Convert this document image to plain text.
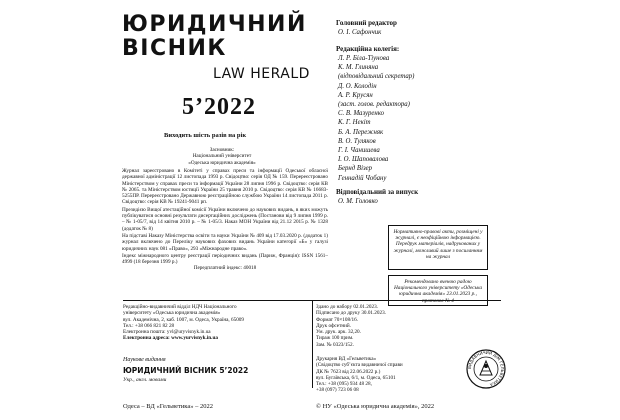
ЮРИДИЧНИЙ
ВІСНИК
LAW HERALD
5’2022
Виходить шість разів на рік
Засновник:
Національний університет
«Одеська юридична академія»
Журнал зареєстровано в Комітеті у справах преси та інформації Одеської обласної державної адміністрації 12 листопада 1993 р. Свідоцтво: серія ОД № 159. Перереєстровано Міністерством у справах преси та інформації України 28 липня 1996 р. Свідоцтво: серія КВ № 2065. та Міністерством юстиції України 25 травня 2010 р. Свідоцтво: серія КВ № 16683-5255ПР. Перереєстровано Державною реєстраційною службою України 14 листопада 2011 р. Свідоцтво: серія КВ № 19241-9041 рп.
Президією Вищої атестаційної комісії України включено до наукових видань, в яких можуть публікуватися основні результати дисертаційних досліджень (Постанови від 9 липня 1999 р. – № 1-05/7, від 14 квітня 2010 р. – № 1-05/3. Наказ МОН України від 21.12 2015 р. № 1328 (додаток № 8)
На підставі Наказу Міністерства освіти та науки України № 409 від 17.03.2020 р. (додаток 1) журнал включено до Переліку наукових фахових видань України категорії «Б» у галузі юридичних наук 081 «Право», 293 «Міжнародне право».
Індекс міжнародного центру реєстрації періодичних видань (Париж, Франція): ISSN 1561–4999 (18 березня 1999 р.)
Передплатний індекс: 40018
Головний редактор
О. І. Сафончик
Редакційна колегія:
Л. Р. Біла-Тіунова
К. М. Глиняна
(відповідальний секретар)
Д. О. Колодін
А. Р. Крусян
(заст. голов. редактора)
С. В. Мазуренко
К. Г. Некіт
Б. А. Пережняк
В. О. Туляков
Г. І. Чанишева
І. О. Шаповалова
Бернд Візер
Геннадій Чобану
Відповідальний за випуск
О. М. Головко
Нормативно-правові акти, розміщені у журналі, є неофіційною інформацією. Передрук матеріалів, надрукованих у журналі, можливий лише з посиланням на журнал
Рекомендовано вченою радою Національного університету «Одеська юридична академія» 23.01.2023 р., протокол № 4
Редакційно-видавничий відділ НДЧ Національного
університету «Одеська юридична академія»
вул. Академічна, 2, каб. 1007, м. Одеса, Україна, 65009
Тел.: +38 066 821 82 28
Електронна пошта: yvl@uryvisnyk.in.ua
Електронна адреса: www.yurvisnyk.in.ua
Здано до набору 02.01.2023.
Підписано до друку 30.01.2023.
Формат 70×108/16.
Друк офсетний.
Ум. друк. арк. 32,20.
Тираж 100 прим.
Зам. № 0323/152.
Наукове видання
ЮРИДИЧНИЙ ВІСНИК 5’2022
Укр., англ. мовами
Друкарня ВД «Гельветика»
(Свідоцтво суб’єкта видавничої справи
ДК № 7623 від 22.06.2022 р.)
вул. Бугаївська, 6/1, м. Одеса, 65101
Тел.: +38 (095) 934 48 28,
+38 (097) 723 06 08
ВИДАВНИЧИЙ ДІМ ГЕЛЬВЕТИКА
Одеса – ВД «Гельветика» – 2022	© НУ «Одеська юридична академія», 2022
